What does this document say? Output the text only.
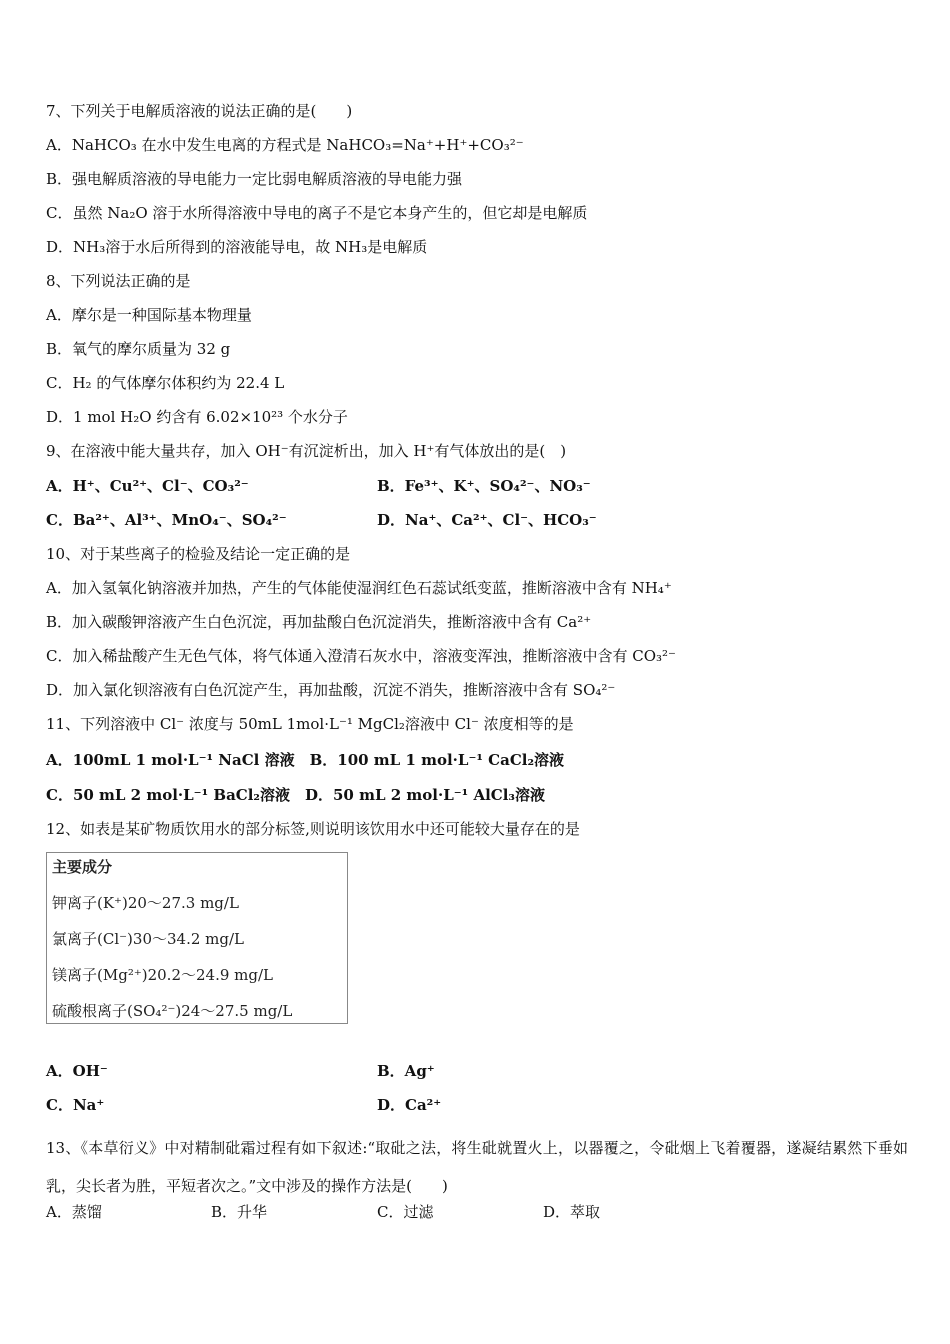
7、下列关于电解质溶液的说法正确的是(　　)
A．NaHCO₃ 在水中发生电离的方程式是 NaHCO₃=Na⁺+H⁺+CO₃²⁻
B．强电解质溶液的导电能力一定比弱电解质溶液的导电能力强
C．虽然 Na₂O 溶于水所得溶液中导电的离子不是它本身产生的，但它却是电解质
D．NH₃溶于水后所得到的溶液能导电，故 NH₃是电解质
8、下列说法正确的是
A．摩尔是一种国际基本物理量
B．氧气的摩尔质量为 32 g
C．H₂ 的气体摩尔体积约为 22.4 L
D．1 mol H₂O 约含有 6.02×10²³ 个水分子
9、在溶液中能大量共存，加入 OH⁻有沉淀析出，加入 H⁺有气体放出的是(　)
A．H⁺、Cu²⁺、Cl⁻、CO₃²⁻	B．Fe³⁺、K⁺、SO₄²⁻、NO₃⁻
C．Ba²⁺、Al³⁺、MnO₄⁻、SO₄²⁻	D．Na⁺、Ca²⁺、Cl⁻、HCO₃⁻
10、对于某些离子的检验及结论一定正确的是
A．加入氢氧化钠溶液并加热，产生的气体能使湿润红色石蕊试纸变蓝，推断溶液中含有 NH₄⁺
B．加入碳酸钾溶液产生白色沉淀，再加盐酸白色沉淀消失，推断溶液中含有 Ca²⁺
C．加入稀盐酸产生无色气体，将气体通入澄清石灰水中，溶液变浑浊，推断溶液中含有 CO₃²⁻
D．加入氯化钡溶液有白色沉淀产生，再加盐酸，沉淀不消失，推断溶液中含有 SO₄²⁻
11、下列溶液中 Cl⁻ 浓度与 50mL 1mol·L⁻¹ MgCl₂溶液中 Cl⁻ 浓度相等的是
A．100mL 1 mol·L⁻¹ NaCl 溶液　B．100 mL 1 mol·L⁻¹ CaCl₂溶液
C．50 mL 2 mol·L⁻¹ BaCl₂溶液　D．50 mL 2 mol·L⁻¹ AlCl₃溶液
12、如表是某矿物质饮用水的部分标签,则说明该饮用水中还可能较大量存在的是
主要成分
钾离子(K⁺)20～27.3 mg/L
氯离子(Cl⁻)30～34.2 mg/L
镁离子(Mg²⁺)20.2～24.9 mg/L
硫酸根离子(SO₄²⁻)24～27.5 mg/L
A．OH⁻	B．Ag⁺
C．Na⁺	D．Ca²⁺
13、《本草衍义》中对精制砒霜过程有如下叙述:“取砒之法，将生砒就置火上，以器覆之，令砒烟上飞着覆器，遂凝结累然下垂如乳，尖长者为胜，平短者次之。”文中涉及的操作方法是(　　)
A．蒸馏	B．升华	C．过滤	D．萃取
